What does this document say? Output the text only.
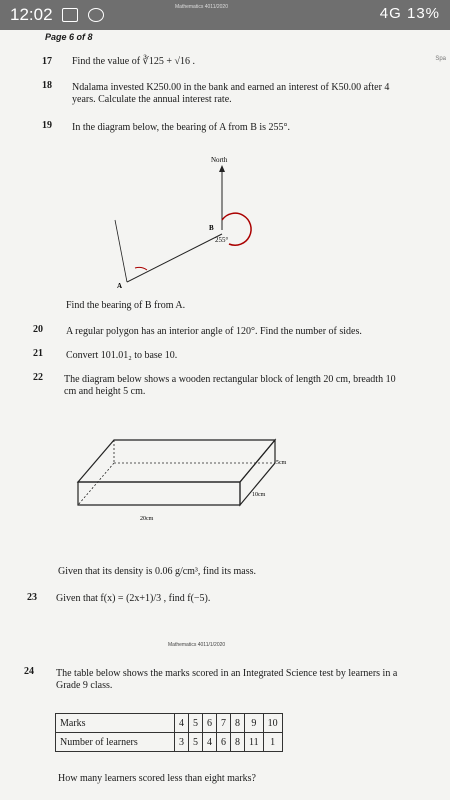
12:02	Mathematics 4011/2020	4G 13%
Page 6 of 8
Spa
17 Find the value of ∛125 + √16 .
18 Ndalama invested K250.00 in the bank and earned an interest of K50.00 after 4 years. Calculate the annual interest rate.
19 In the diagram below, the bearing of A from B is 255°.
North
B
255°
A
Find the bearing of B from A.
20 A regular polygon has an interior angle of 120°. Find the number of sides.
21 Convert 101.01₂ to base 10.
22 The diagram below shows a wooden rectangular block of length 20 cm, breadth 10 cm and height 5 cm.
5cm
10cm
20cm
Given that its density is 0.06 g/cm³, find its mass.
23 Given that f(x) = (2x+1)/3 , find f(−5).
Mathematics 4011/1/2020
24 The table below shows the marks scored in an Integrated Science test by learners in a Grade 9 class.
Marks	4	5	6	7	8	9	10
Number of learners	3	5	4	6	8	11	1
How many learners scored less than eight marks?
